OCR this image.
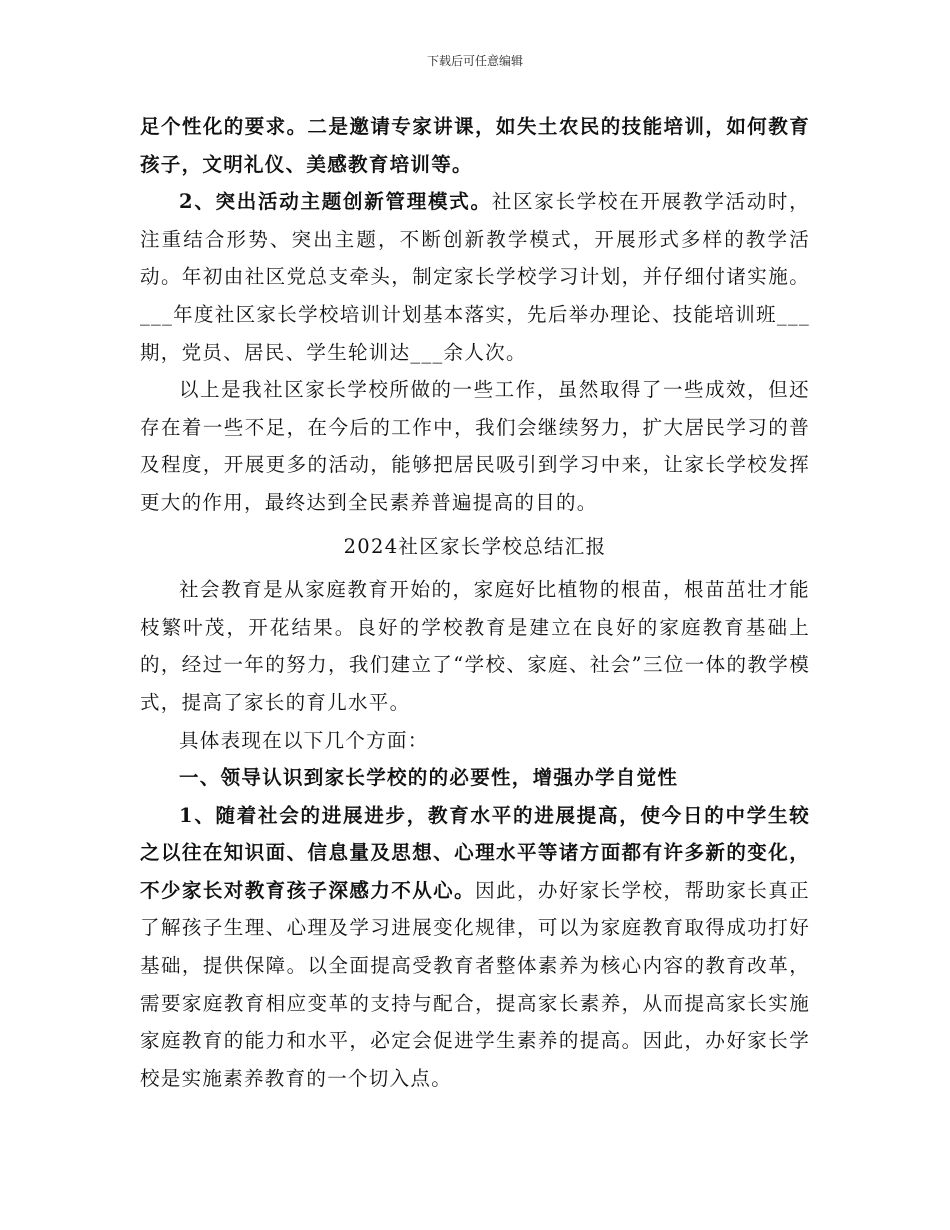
下载后可任意编辑

足个性化的要求。二是邀请专家讲课，如失土农民的技能培训，如何教育孩子，文明礼仪、美感教育培训等。

2、突出活动主题创新管理模式。社区家长学校在开展教学活动时，注重结合形势、突出主题，不断创新教学模式，开展形式多样的教学活动。年初由社区党总支牵头，制定家长学校学习计划，并仔细付诸实施。___年度社区家长学校培训计划基本落实，先后举办理论、技能培训班___期，党员、居民、学生轮训达___余人次。

以上是我社区家长学校所做的一些工作，虽然取得了一些成效，但还存在着一些不足，在今后的工作中，我们会继续努力，扩大居民学习的普及程度，开展更多的活动，能够把居民吸引到学习中来，让家长学校发挥更大的作用，最终达到全民素养普遍提高的目的。

2024社区家长学校总结汇报

社会教育是从家庭教育开始的，家庭好比植物的根苗，根苗茁壮才能枝繁叶茂，开花结果。良好的学校教育是建立在良好的家庭教育基础上的，经过一年的努力，我们建立了“学校、家庭、社会”三位一体的教学模式，提高了家长的育儿水平。

具体表现在以下几个方面：

一、领导认识到家长学校的的必要性，增强办学自觉性

1、随着社会的进展进步，教育水平的进展提高，使今日的中学生较之以往在知识面、信息量及思想、心理水平等诸方面都有许多新的变化，不少家长对教育孩子深感力不从心。因此，办好家长学校，帮助家长真正了解孩子生理、心理及学习进展变化规律，可以为家庭教育取得成功打好基础，提供保障。以全面提高受教育者整体素养为核心内容的教育改革，需要家庭教育相应变革的支持与配合，提高家长素养，从而提高家长实施家庭教育的能力和水平，必定会促进学生素养的提高。因此，办好家长学校是实施素养教育的一个切入点。
